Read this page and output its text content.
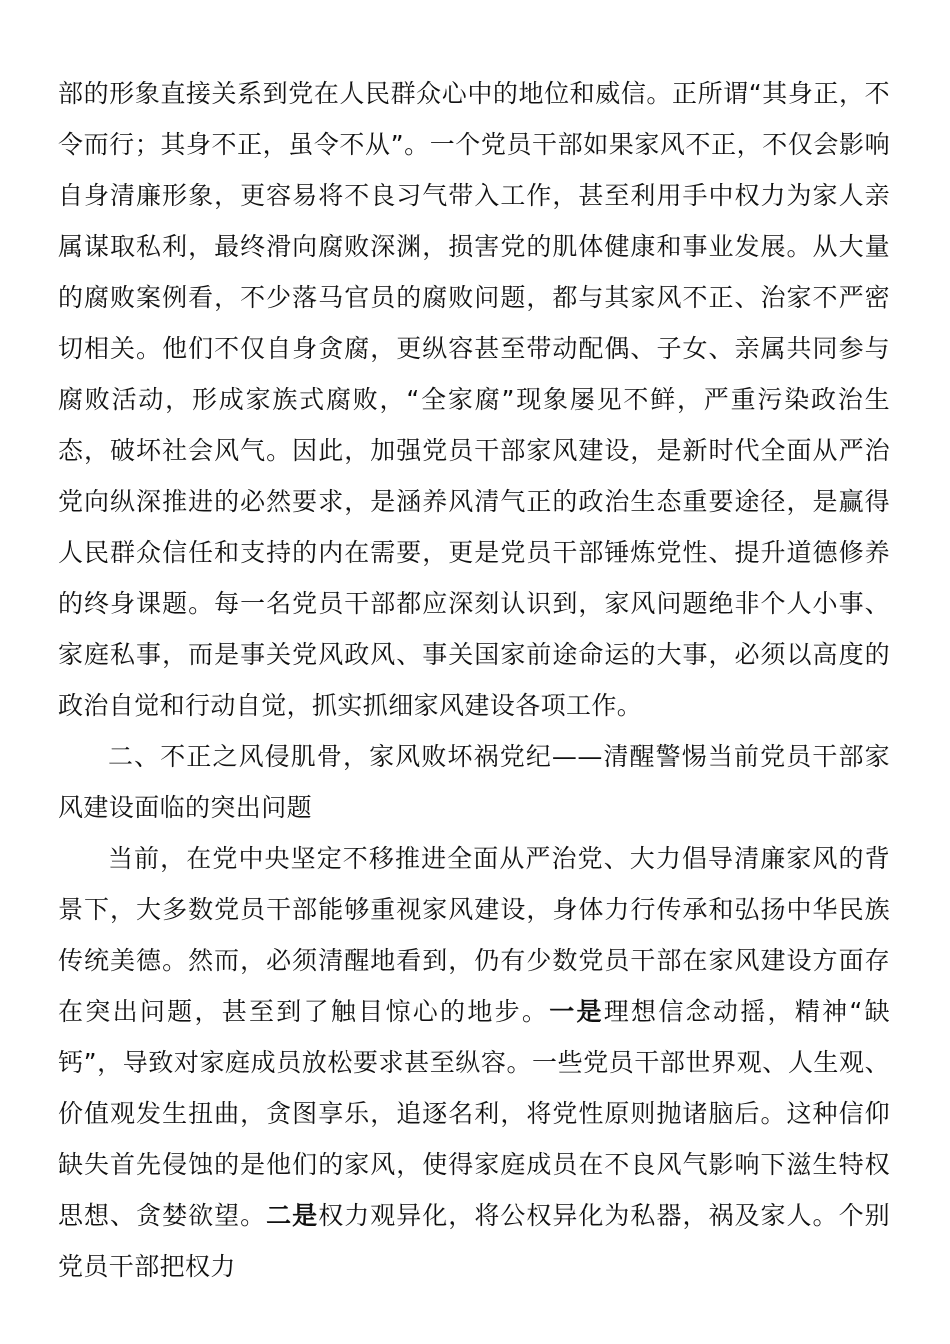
部的形象直接关系到党在人民群众心中的地位和威信。正所谓“其身正，不令而行；其身不正，虽令不从”。一个党员干部如果家风不正，不仅会影响自身清廉形象，更容易将不良习气带入工作，甚至利用手中权力为家人亲属谋取私利，最终滑向腐败深渊，损害党的肌体健康和事业发展。从大量的腐败案例看，不少落马官员的腐败问题，都与其家风不正、治家不严密切相关。他们不仅自身贪腐，更纵容甚至带动配偶、子女、亲属共同参与腐败活动，形成家族式腐败，“全家腐”现象屡见不鲜，严重污染政治生态，破坏社会风气。因此，加强党员干部家风建设，是新时代全面从严治党向纵深推进的必然要求，是涵养风清气正的政治生态重要途径，是赢得人民群众信任和支持的内在需要，更是党员干部锤炼党性、提升道德修养的终身课题。每一名党员干部都应深刻认识到，家风问题绝非个人小事、家庭私事，而是事关党风政风、事关国家前途命运的大事，必须以高度的政治自觉和行动自觉，抓实抓细家风建设各项工作。

二、不正之风侵肌骨，家风败坏祸党纪——清醒警惕当前党员干部家风建设面临的突出问题

当前，在党中央坚定不移推进全面从严治党、大力倡导清廉家风的背景下，大多数党员干部能够重视家风建设，身体力行传承和弘扬中华民族传统美德。然而，必须清醒地看到，仍有少数党员干部在家风建设方面存在突出问题，甚至到了触目惊心的地步。一是理想信念动摇，精神“缺钙”，导致对家庭成员放松要求甚至纵容。一些党员干部世界观、人生观、价值观发生扭曲，贪图享乐，追逐名利，将党性原则抛诸脑后。这种信仰缺失首先侵蚀的是他们的家风，使得家庭成员在不良风气影响下滋生特权思想、贪婪欲望。二是权力观异化，将公权异化为私器，祸及家人。个别党员干部把权力
